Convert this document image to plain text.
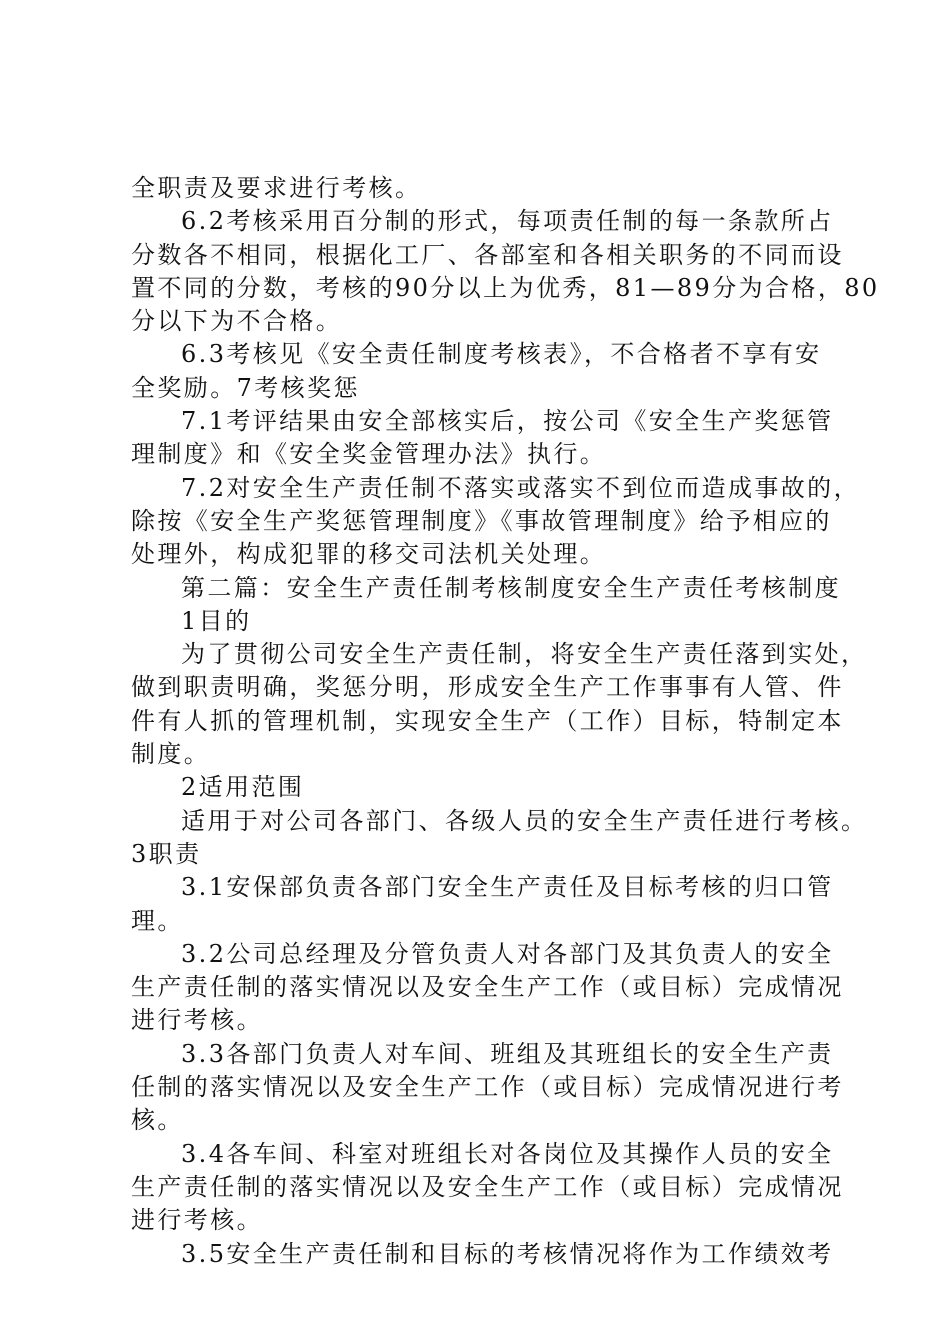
全职责及要求进行考核。
6.2考核采用百分制的形式，每项责任制的每一条款所占
分数各不相同，根据化工厂、各部室和各相关职务的不同而设
置不同的分数，考核的90分以上为优秀，81—89分为合格，80
分以下为不合格。
6.3考核见《安全责任制度考核表》，不合格者不享有安
全奖励。7考核奖惩
7.1考评结果由安全部核实后，按公司《安全生产奖惩管
理制度》和《安全奖金管理办法》执行。
7.2对安全生产责任制不落实或落实不到位而造成事故的，
除按《安全生产奖惩管理制度》《事故管理制度》给予相应的
处理外，构成犯罪的移交司法机关处理。
第二篇：安全生产责任制考核制度安全生产责任考核制度
1目的
为了贯彻公司安全生产责任制，将安全生产责任落到实处，
做到职责明确，奖惩分明，形成安全生产工作事事有人管、件
件有人抓的管理机制，实现安全生产（工作）目标，特制定本
制度。
2适用范围
适用于对公司各部门、各级人员的安全生产责任进行考核。
3职责
3.1安保部负责各部门安全生产责任及目标考核的归口管
理。
3.2公司总经理及分管负责人对各部门及其负责人的安全
生产责任制的落实情况以及安全生产工作（或目标）完成情况
进行考核。
3.3各部门负责人对车间、班组及其班组长的安全生产责
任制的落实情况以及安全生产工作（或目标）完成情况进行考
核。
3.4各车间、科室对班组长对各岗位及其操作人员的安全
生产责任制的落实情况以及安全生产工作（或目标）完成情况
进行考核。
3.5安全生产责任制和目标的考核情况将作为工作绩效考
